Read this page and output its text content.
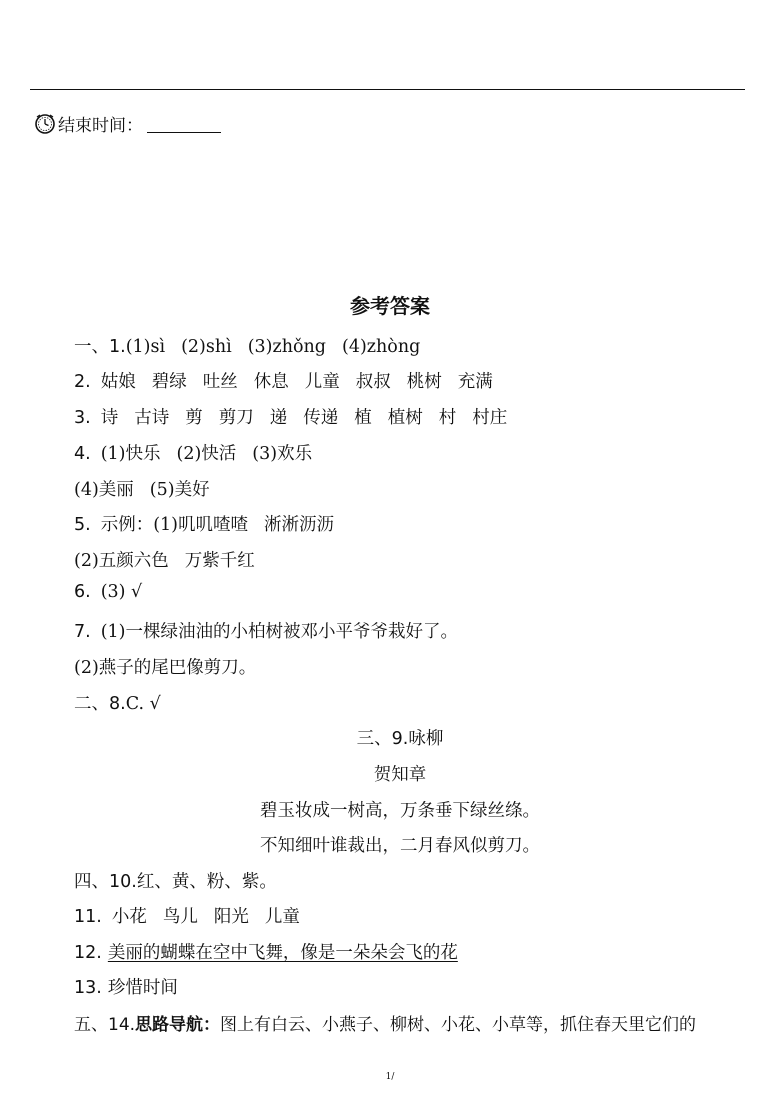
结束时间：
参考答案
一、1.(1)sì (2)shì (3)zhǒng (4)zhòng
2. 姑娘 碧绿 吐丝 休息 儿童 叔叔 桃树 充满
3. 诗 古诗 剪 剪刀 递 传递 植 植树 村 村庄
4. (1)快乐 (2)快活 (3)欢乐
(4)美丽 (5)美好
5. 示例：(1)叽叽喳喳 淅淅沥沥
(2)五颜六色 万紫千红
6. (3) √
7. (1)一棵绿油油的小柏树被邓小平爷爷栽好了。
(2)燕子的尾巴像剪刀。
二、8.C. √
三、9.咏柳
贺知章
碧玉妆成一树高，万条垂下绿丝绦。
不知细叶谁裁出，二月春风似剪刀。
四、10.红、黄、粉、紫。
11. 小花 鸟儿 阳光 儿童
12. 美丽的蝴蝶在空中飞舞，像是一朵朵会飞的花
13. 珍惜时间
五、14.思路导航：图上有白云、小燕子、柳树、小花、小草等，抓住春天里它们的
1/
